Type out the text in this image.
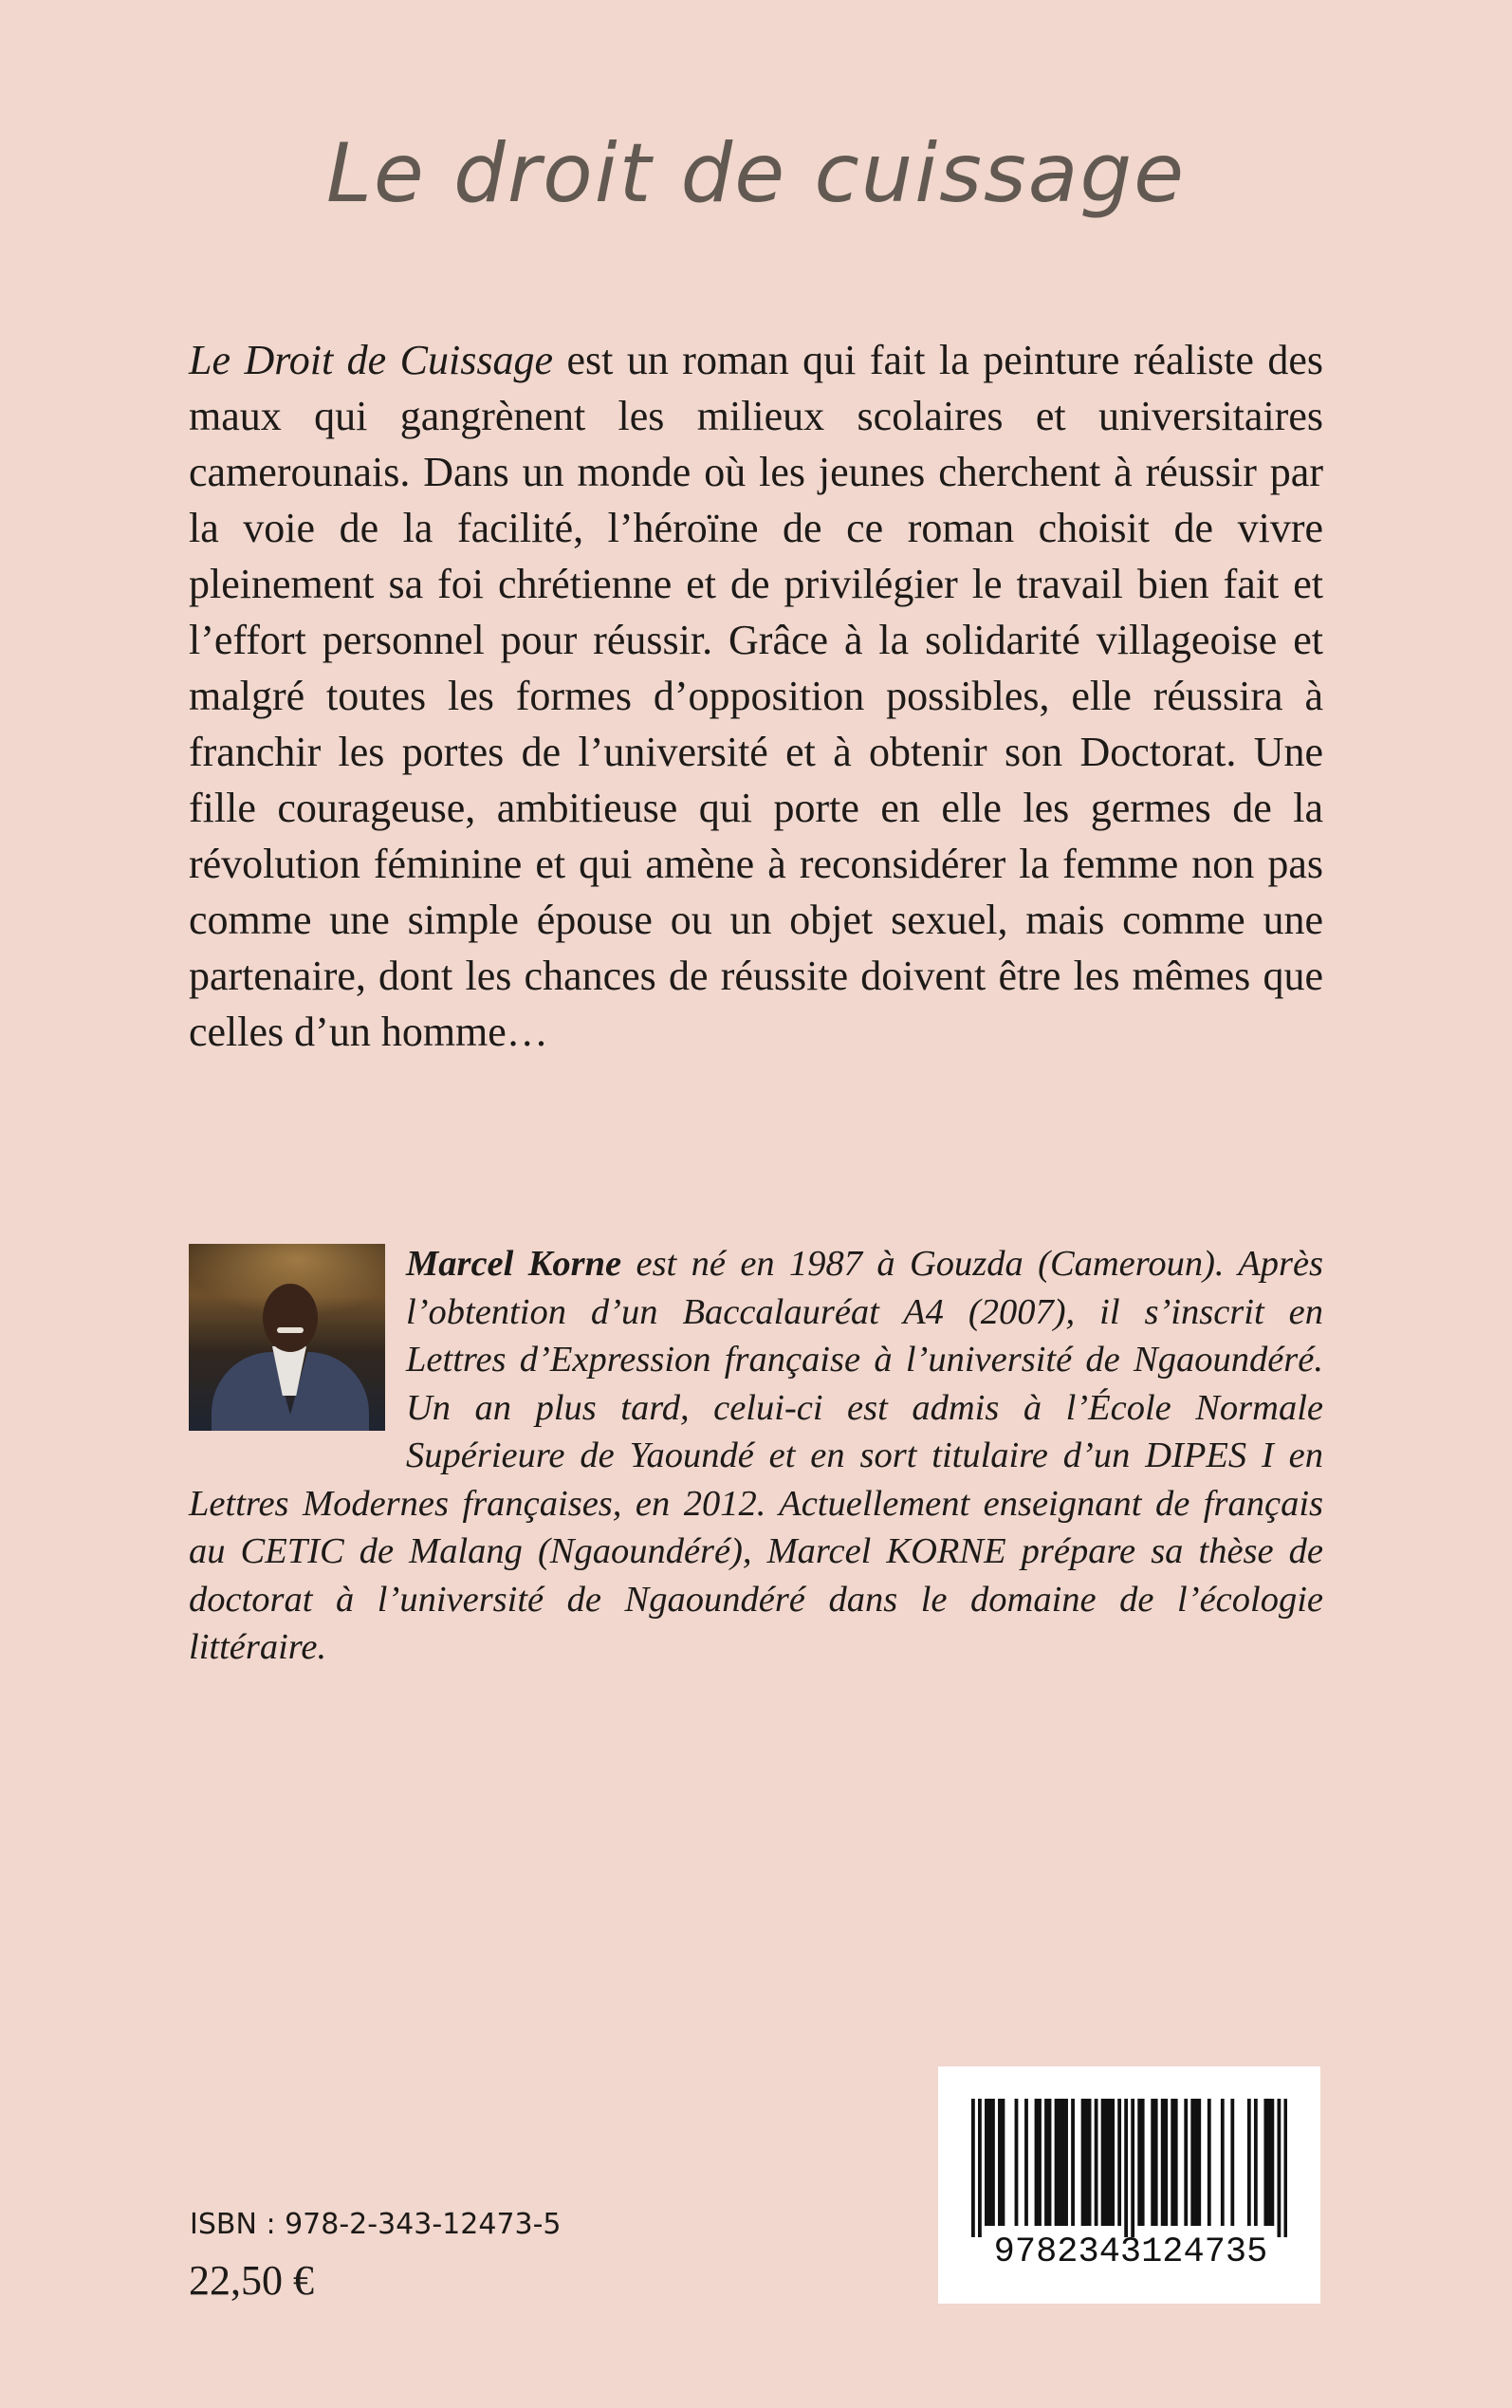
Le droit de cuissage

Le Droit de Cuissage est un roman qui fait la peinture réaliste des maux qui gangrènent les milieux scolaires et universitaires camerounais. Dans un monde où les jeunes cherchent à réussir par la voie de la facilité, l’héroïne de ce roman choisit de vivre pleinement sa foi chrétienne et de privilégier le travail bien fait et l’effort personnel pour réussir. Grâce à la solidarité villageoise et malgré toutes les formes d’opposition possibles, elle réussira à franchir les portes de l’université et à obtenir son Doctorat. Une fille courageuse, ambitieuse qui porte en elle les germes de la révolution féminine et qui amène à reconsidérer la femme non pas comme une simple épouse ou un objet sexuel, mais comme une partenaire, dont les chances de réussite doivent être les mêmes que celles d’un homme…

Marcel Korne est né en 1987 à Gouzda (Cameroun). Après l’obtention d’un Baccalauréat A4 (2007), il s’inscrit en Lettres d’Expression française à l’université de Ngaoundéré. Un an plus tard, celui-ci est admis à l’École Normale Supérieure de Yaoundé et en sort titulaire d’un DIPES I en Lettres Modernes françaises, en 2012. Actuellement enseignant de français au CETIC de Malang (Ngaoundéré), Marcel KORNE prépare sa thèse de doctorat à l’université de Ngaoundéré dans le domaine de l’écologie littéraire.

ISBN : 978-2-343-12473-5
22,50 €
9782343124735
